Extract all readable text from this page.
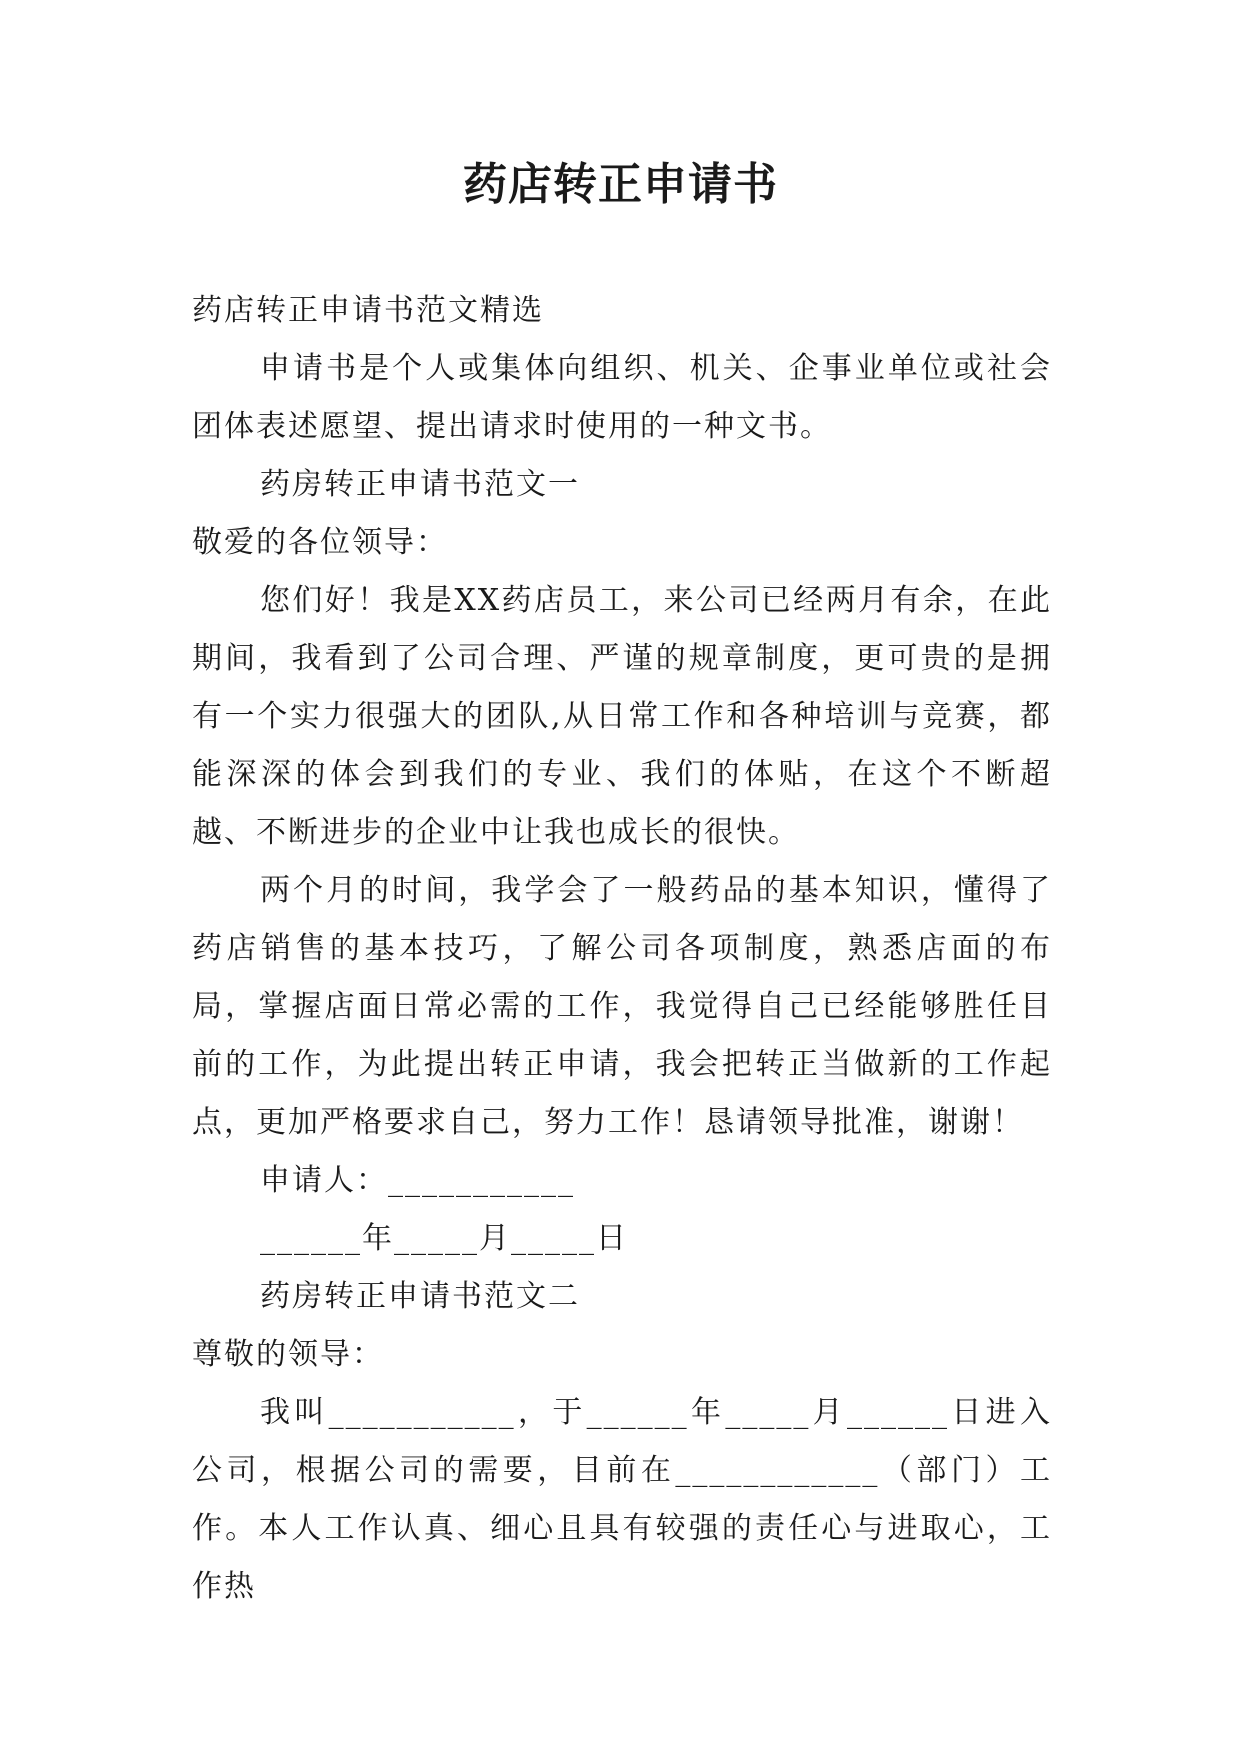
药店转正申请书

药店转正申请书范文精选

申请书是个人或集体向组织、机关、企事业单位或社会团体表述愿望、提出请求时使用的一种文书。

药房转正申请书范文一

敬爱的各位领导：

您们好！我是XX药店员工，来公司已经两月有余，在此期间，我看到了公司合理、严谨的规章制度，更可贵的是拥有一个实力很强大的团队,从日常工作和各种培训与竞赛，都能深深的体会到我们的专业、我们的体贴，在这个不断超越、不断进步的企业中让我也成长的很快。

两个月的时间，我学会了一般药品的基本知识，懂得了药店销售的基本技巧，了解公司各项制度，熟悉店面的布局，掌握店面日常必需的工作，我觉得自己已经能够胜任目前的工作，为此提出转正申请，我会把转正当做新的工作起点，更加严格要求自己，努力工作！恳请领导批准，谢谢！

申请人：___________

______年_____月_____日

药房转正申请书范文二

尊敬的领导：

我叫___________，于______年_____月______日进入公司，根据公司的需要，目前在____________（部门）工作。本人工作认真、细心且具有较强的责任心与进取心，工作热
